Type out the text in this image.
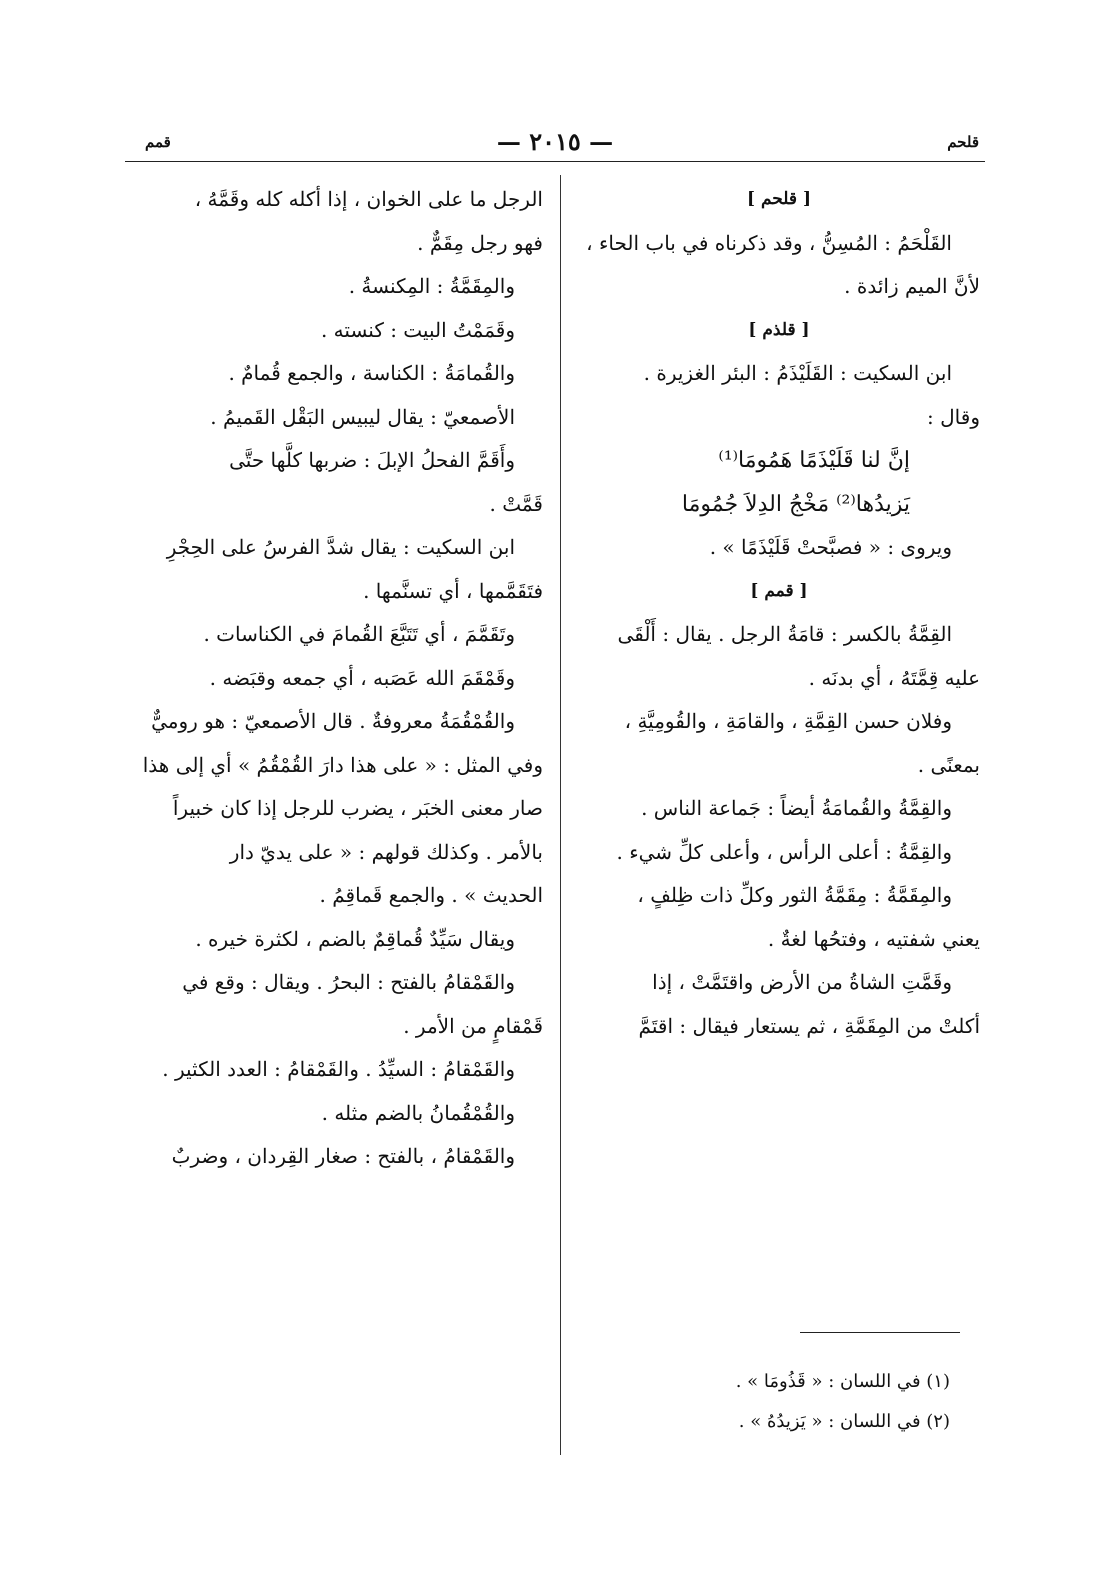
قمم	— ٢٠١٥ —	قلحم
[ قلحم ]
القَلْحَمُ : المُسِنُّ ، وقد ذكرناه في باب الحاء ،
لأنَّ الميم زائدة .
[ قلذم ]
ابن السكيت : القَلَيْذَمُ : البئر الغزيرة .
وقال :
إنَّ لنا قَلَيْذَمًا هَمُومَا⁽¹⁾
يَزيدُها⁽²⁾ مَخْجُ الدِلاَ جُمُومَا
ويروى : « فصبَّحتْ قَلَيْذَمًا » .
[ قمم ]
القِمَّةُ بالكسر : قامَةُ الرجل . يقال : أَلْقَى
عليه قِمَّتَهُ ، أي بدنَه .
وفلان حسن القِمَّةِ ، والقامَةِ ، والقُومِيَّةِ ،
بمعنًى .
والقِمَّةُ والقُمامَةُ أيضاً : جَماعة الناس .
والقِمَّةُ : أعلى الرأس ، وأعلى كلِّ شيء .
والمِقَمَّةُ : مِقَمَّةُ الثور وكلِّ ذات ظِلفٍ ،
يعني شفتيه ، وفتحُها لغةٌ .
وقَمَّتِ الشاةُ من الأرض واقتَمَّتْ ، إذا
أكلتْ من المِقَمَّةِ ، ثم يستعار فيقال : اقتَمَّ
الرجل ما على الخوان ، إذا أكله كله وقَمَّهُ ،
فهو رجل مِقَمٌّ .
والمِقَمَّةُ : المِكنسةُ .
وقَمَمْتُ البيت : كنسته .
والقُمامَةُ : الكناسة ، والجمع قُمامٌ .
الأصمعيّ : يقال ليبيس البَقْل القَميمُ .
وأَقَمَّ الفحلُ الإبلَ : ضربها كلَّها حتَّى
قَمَّتْ .
ابن السكيت : يقال شدَّ الفرسُ على الحِجْرِ
فتَقَمَّمها ، أي تسنَّمها .
وتَقَمَّمَ ، أي تَتَبَّعَ القُمامَ في الكناسات .
وقَمْقَمَ الله عَصَبه ، أي جمعه وقبَضه .
والقُمْقُمَةُ معروفةٌ . قال الأصمعيّ : هو روميٌّ
وفي المثل : « على هذا دارَ القُمْقُمُ » أي إلى هذا
صار معنى الخبَر ، يضرب للرجل إذا كان خبيراً
بالأمر . وكذلك قولهم : « على يديّ دار
الحديث » . والجمع قَماقِمُ .
ويقال سَيِّدٌ قُماقِمٌ بالضم ، لكثرة خيره .
والقَمْقامُ بالفتح : البحرُ . ويقال : وقع في
قَمْقامٍ من الأمر .
والقَمْقامُ : السيِّدُ . والقَمْقامُ : العدد الكثير .
والقُمْقُمانُ بالضم مثله .
والقَمْقامُ ، بالفتح : صغار القِردان ، وضربٌ
(١) في اللسان : « قَذُومَا » .
(٢) في اللسان : « يَزيدُهُ » .
